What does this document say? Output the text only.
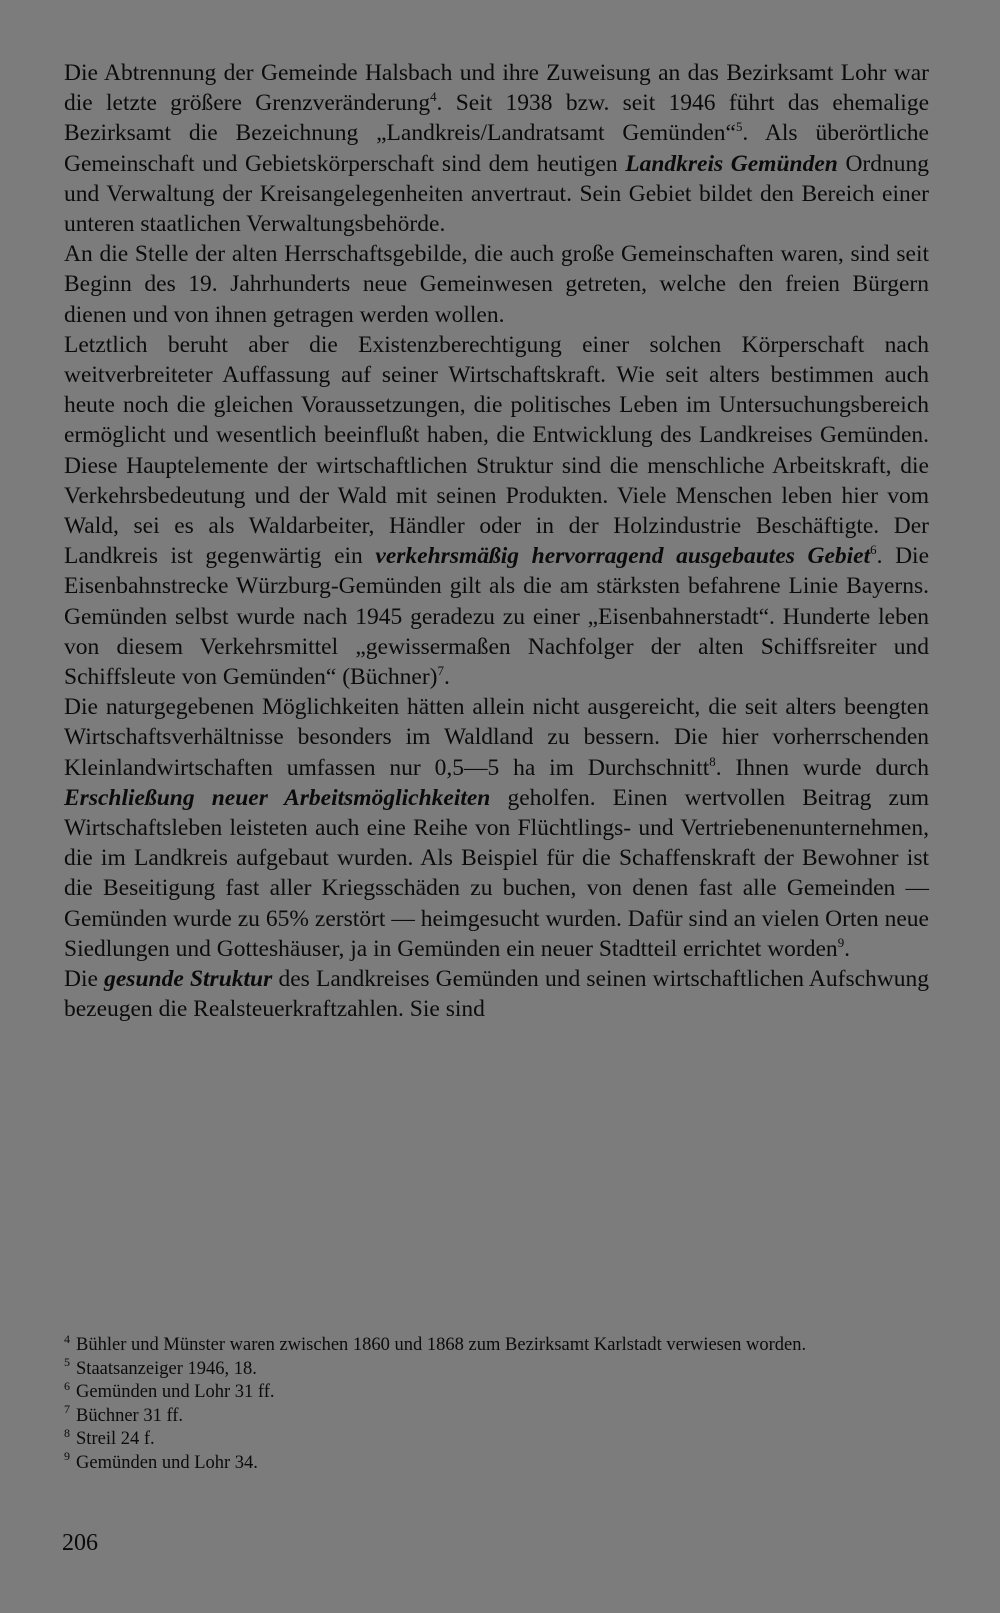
Die Abtrennung der Gemeinde Halsbach und ihre Zuweisung an das Bezirksamt Lohr war die letzte größere Grenzveränderung$^4$. Seit 1938 bzw. seit 1946 führt das ehemalige Bezirksamt die Bezeichnung „Landkreis/Landratsamt Gemünden“$^5$. Als überörtliche Gemeinschaft und Gebietskörperschaft sind dem heutigen Landkreis Gemünden Ordnung und Verwaltung der Kreisangelegenheiten anvertraut. Sein Gebiet bildet den Bereich einer unteren staatlichen Verwaltungsbehörde.

An die Stelle der alten Herrschaftsgebilde, die auch große Gemeinschaften waren, sind seit Beginn des 19. Jahrhunderts neue Gemeinwesen getreten, welche den freien Bürgern dienen und von ihnen getragen werden wollen.

Letztlich beruht aber die Existenzberechtigung einer solchen Körperschaft nach weitverbreiteter Auffassung auf seiner Wirtschaftskraft. Wie seit alters bestimmen auch heute noch die gleichen Voraussetzungen, die politisches Leben im Untersuchungsbereich ermöglicht und wesentlich beeinflußt haben, die Entwicklung des Landkreises Gemünden. Diese Hauptelemente der wirtschaftlichen Struktur sind die menschliche Arbeitskraft, die Verkehrsbedeutung und der Wald mit seinen Produkten. Viele Menschen leben hier vom Wald, sei es als Waldarbeiter, Händler oder in der Holzindustrie Beschäftigte. Der Landkreis ist gegenwärtig ein verkehrsmäßig hervorragend ausgebautes Gebiet$^6$. Die Eisenbahnstrecke Würzburg-Gemünden gilt als die am stärksten befahrene Linie Bayerns. Gemünden selbst wurde nach 1945 geradezu zu einer „Eisenbahnerstadt“. Hunderte leben von diesem Verkehrsmittel „gewissermaßen Nachfolger der alten Schiffsreiter und Schiffsleute von Gemünden“ (Büchner)$^7$.

Die naturgegebenen Möglichkeiten hätten allein nicht ausgereicht, die seit alters beengten Wirtschaftsverhältnisse besonders im Waldland zu bessern. Die hier vorherrschenden Kleinlandwirtschaften umfassen nur 0,5—5 ha im Durchschnitt$^8$. Ihnen wurde durch Erschließung neuer Arbeitsmöglichkeiten geholfen. Einen wertvollen Beitrag zum Wirtschaftsleben leisteten auch eine Reihe von Flüchtlings- und Vertriebenenunternehmen, die im Landkreis aufgebaut wurden. Als Beispiel für die Schaffenskraft der Bewohner ist die Beseitigung fast aller Kriegsschäden zu buchen, von denen fast alle Gemeinden — Gemünden wurde zu 65% zerstört — heimgesucht wurden. Dafür sind an vielen Orten neue Siedlungen und Gotteshäuser, ja in Gemünden ein neuer Stadtteil errichtet worden$^9$.

Die gesunde Struktur des Landkreises Gemünden und seinen wirtschaftlichen Aufschwung bezeugen die Realsteuerkraftzahlen. Sie sind

$^4$ Bühler und Münster waren zwischen 1860 und 1868 zum Bezirksamt Karlstadt verwiesen worden.

$^5$ Staatsanzeiger 1946, 18.

$^6$ Gemünden und Lohr 31 ff.

$^7$ Büchner 31 ff.

$^8$ Streil 24 f.

$^9$ Gemünden und Lohr 34.

206
